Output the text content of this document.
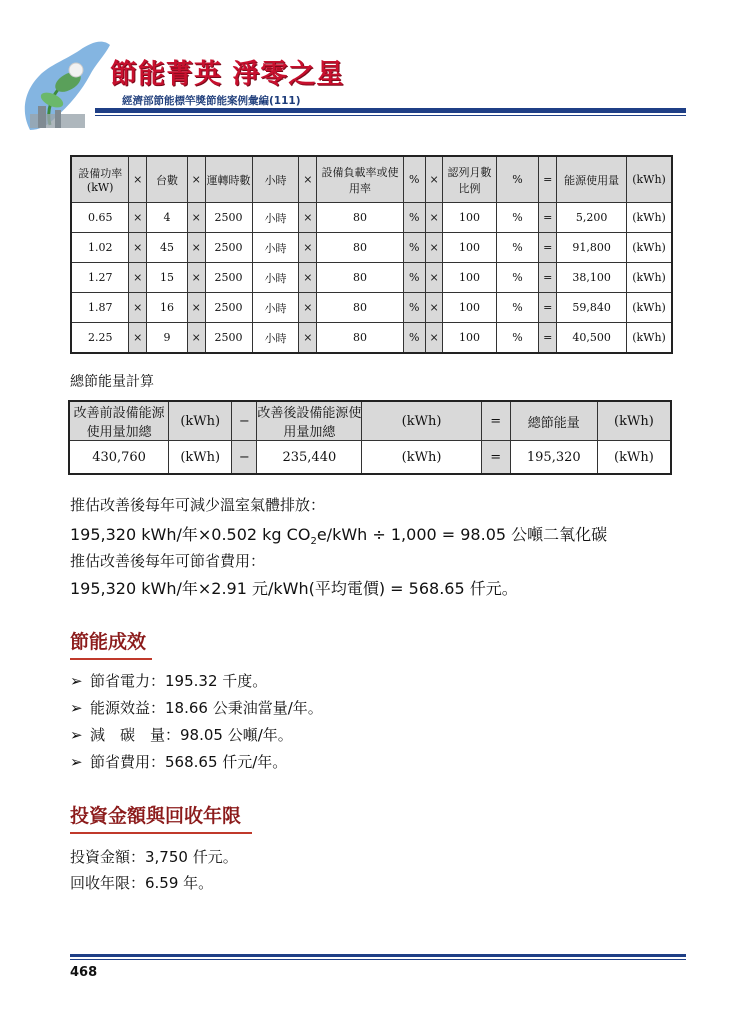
節能菁英 淨零之星
經濟部節能標竿獎節能案例彙編(111)
設備功率(kW)	×	台數	×	運轉時數	小時	×	設備負載率或使用率	%	×	認列月數比例	%	=	能源使用量	(kWh)
0.65	×	4	×	2500	小時	×	80	%	×	100	%	=	5,200	(kWh)
1.02	×	45	×	2500	小時	×	80	%	×	100	%	=	91,800	(kWh)
1.27	×	15	×	2500	小時	×	80	%	×	100	%	=	38,100	(kWh)
1.87	×	16	×	2500	小時	×	80	%	×	100	%	=	59,840	(kWh)
2.25	×	9	×	2500	小時	×	80	%	×	100	%	=	40,500	(kWh)
總節能量計算
改善前設備能源使用量加總	(kWh)	−	改善後設備能源使用量加總	(kWh)	=	總節能量	(kWh)
430,760	(kWh)	−	235,440	(kWh)	=	195,320	(kWh)
推估改善後每年可減少溫室氣體排放：
195,320 kWh/年×0.502 kg $CO_2e$/kWh ÷ 1,000 = 98.05 公噸二氧化碳
推估改善後每年可節省費用：
195,320 kWh/年×2.91 元/kWh(平均電價) = 568.65 仟元。
節能成效
➢ 節省電力：195.32 千度。
➢ 能源效益：18.66 公秉油當量/年。
➢ 減　碳　量：98.05 公噸/年。
➢ 節省費用：568.65 仟元/年。
投資金額與回收年限
投資金額：3,750 仟元。
回收年限：6.59 年。
468
